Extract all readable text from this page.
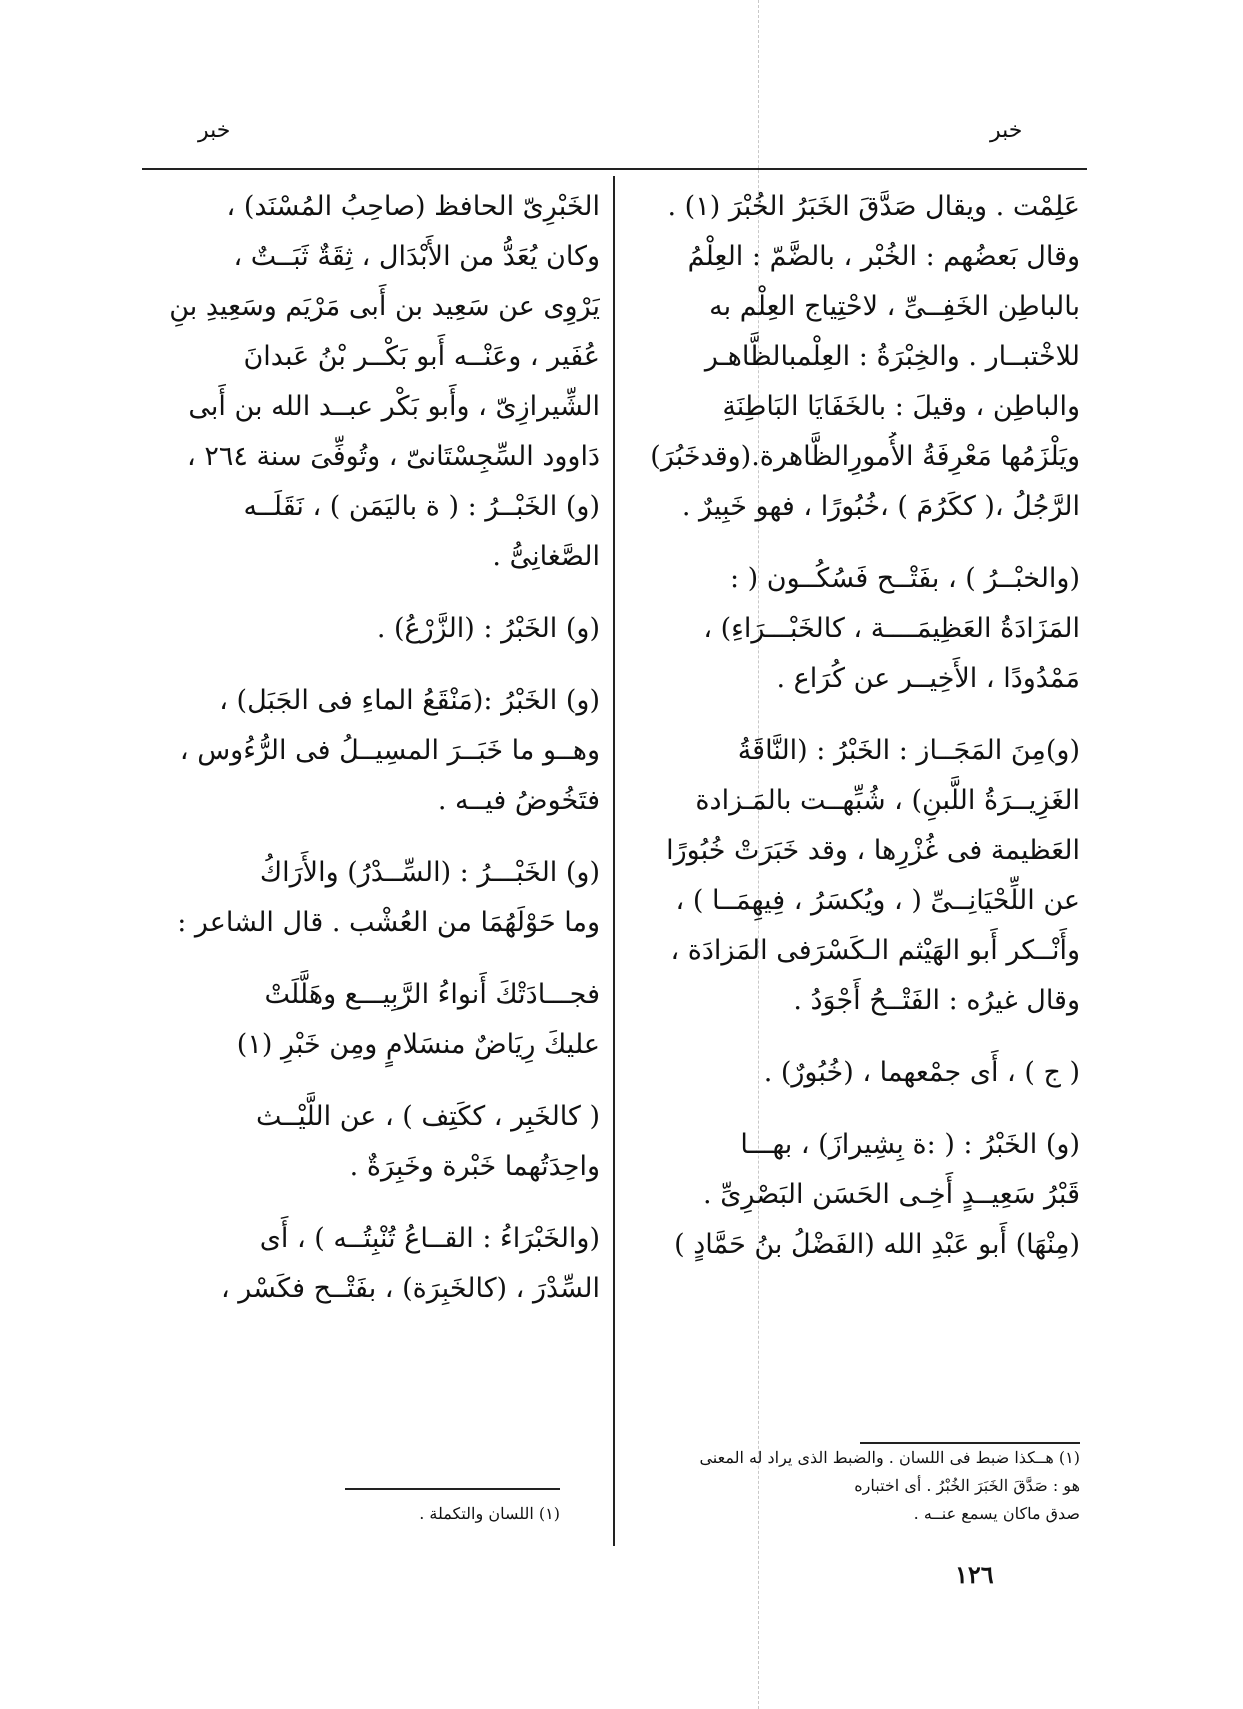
خبر
خبر
عَلِمْت . ويقال صَدَّقَ الخَبَرُ الخُبْرَ (١) .
وقال بَعضُهم : الخُبْر ، بالضَّمّ : العِلْمُ
بالباطِن الخَفِــىِّ ، لاحْتِياج العِلْم به
للاخْتبــار . والخِبْرَةُ : العِلْمبالظَّاهـر
والباطِن ، وقيلَ : بالخَفَايَا البَاطِنَةِ
ويَلْزَمُها مَعْرِفَةُ الأُمورِالظَّاهرة.(وقدخَبُرَ)
الرَّجُلُ ،( ككَرُمَ ) ،خُبُورًا ، فهو خَبِيرٌ .
(والخبْــرُ ) ، بفَتْــح فَسُكُــون ( :
المَزَادَةُ العَظِيمَــــة ، كالخَبْـــرَاءِ) ،
مَمْدُودًا ، الأَخِيــر عن كُرَاع .
(و)مِنَ المَجَــاز : الخَبْرُ : (النَّاقَةُ
الغَزِيــرَةُ اللَّبنِ) ، شُبِّهــت بالمَـزادة
العَظيمة فى غُزْرِها ، وقد خَبَرَتْ خُبُورًا
عن اللِّحْيَانِــىِّ ( ، ويُكسَرُ ، فِيهِمَــا ) ،
وأَنْــكر أَبو الهَيْثم الـكَسْرَفى المَزادَة ،
وقال غيرُه : الفَتْــحُ أَجْوَدُ .
( ج ) ، أَى جمْعهما ، (خُبُورٌ) .
(و) الخَبْرُ : ( :ة بِشِيرازَ) ، بهـــا
قَبْرُ سَعِيــدٍ أَخِـى الحَسَن البَصْرِىِّ .
(مِنْهَا) أَبو عَبْدِ الله (الفَضْلُ بنُ حَمَّادٍ )
(١) هــكذا ضبط فى اللسان . والضبط الذى يراد له المعنى
هو : صَدَّقَ الخَبَرَ الخُبْرُ . أى اختباره
صدق ماكان يسمع عنــه .
الخَبْرِىّ الحافظ (صاحِبُ المُسْنَد) ،
وكان يُعَدُّ من الأَبْدَال ، ثِقَةٌ ثَبَــتٌ ،
يَرْوِى عن سَعِيد بن أَبى مَرْيَم وسَعِيدِ بنِ
عُفَير ، وعَنْــه أَبو بَكْــر بْنُ عَبدانَ
الشِّيرازِىّ ، وأَبو بَكْر عبــد الله بن أَبى
دَاوود السِّجِسْتَانىّ ، وتُوفِّىَ سنة ٢٦٤ ،
(و) الخَبْــرُ : ( ة باليَمَن ) ، نَقَلَــه
الصَّغانِىُّ .
(و) الخَبْرُ : (الزَّرْعُ) .
(و) الخَبْرُ :(مَنْقَعُ الماءِ فى الجَبَل) ،
وهــو ما خَبَــرَ المسِيــلُ فى الرُّءُوس ،
فتَخُوضُ فيــه .
(و) الخَبْـــرُ : (السِّــدْرُ) والأَرَاكُ
وما حَوْلَهُمَا من العُشْب . قال الشاعر :
فجـــادَتْكَ أَنواءُ الرَّبِيـــع وهَلَّلَتْ
عليكَ رِيَاضٌ منسَلامٍ ومِن خَبْرِ (١)
( كالخَبِر ، ككَتِف ) ، عن اللَّيْــث
واحِدَتُهما خَبْرة وخَبِرَةٌ .
(والخَبْرَاءُ : القــاعُ تُنْبِتُــه ) ، أَى
السِّدْرَ ، (كالخَبِرَة) ، بفَتْــح فكَسْر ،
(١) اللسان والتكملة .
١٢٦
